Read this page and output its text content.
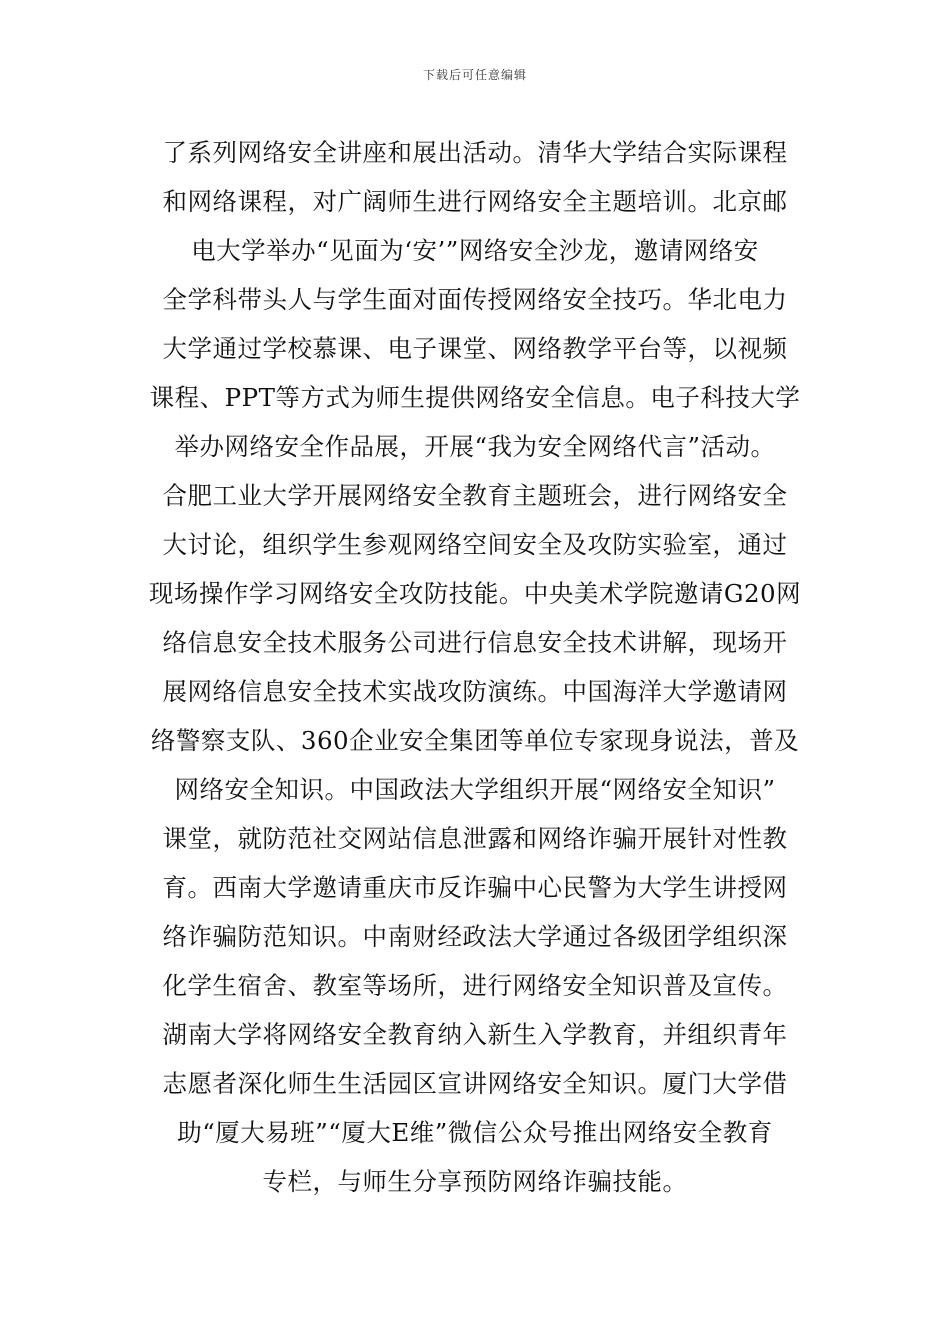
下载后可任意编辑
了系列网络安全讲座和展出活动。清华大学结合实际课程
和网络课程，对广阔师生进行网络安全主题培训。北京邮
电大学举办“见面为‘安’”网络安全沙龙，邀请网络安
全学科带头人与学生面对面传授网络安全技巧。华北电力
大学通过学校慕课、电子课堂、网络教学平台等，以视频
课程、PPT等方式为师生提供网络安全信息。电子科技大学
举办网络安全作品展，开展“我为安全网络代言”活动。
合肥工业大学开展网络安全教育主题班会，进行网络安全
大讨论，组织学生参观网络空间安全及攻防实验室，通过
现场操作学习网络安全攻防技能。中央美术学院邀请G20网
络信息安全技术服务公司进行信息安全技术讲解，现场开
展网络信息安全技术实战攻防演练。中国海洋大学邀请网
络警察支队、360企业安全集团等单位专家现身说法，普及
网络安全知识。中国政法大学组织开展“网络安全知识”
课堂，就防范社交网站信息泄露和网络诈骗开展针对性教
育。西南大学邀请重庆市反诈骗中心民警为大学生讲授网
络诈骗防范知识。中南财经政法大学通过各级团学组织深
化学生宿舍、教室等场所，进行网络安全知识普及宣传。
湖南大学将网络安全教育纳入新生入学教育，并组织青年
志愿者深化师生生活园区宣讲网络安全知识。厦门大学借
助“厦大易班”“厦大E维”微信公众号推出网络安全教育
专栏，与师生分享预防网络诈骗技能。
